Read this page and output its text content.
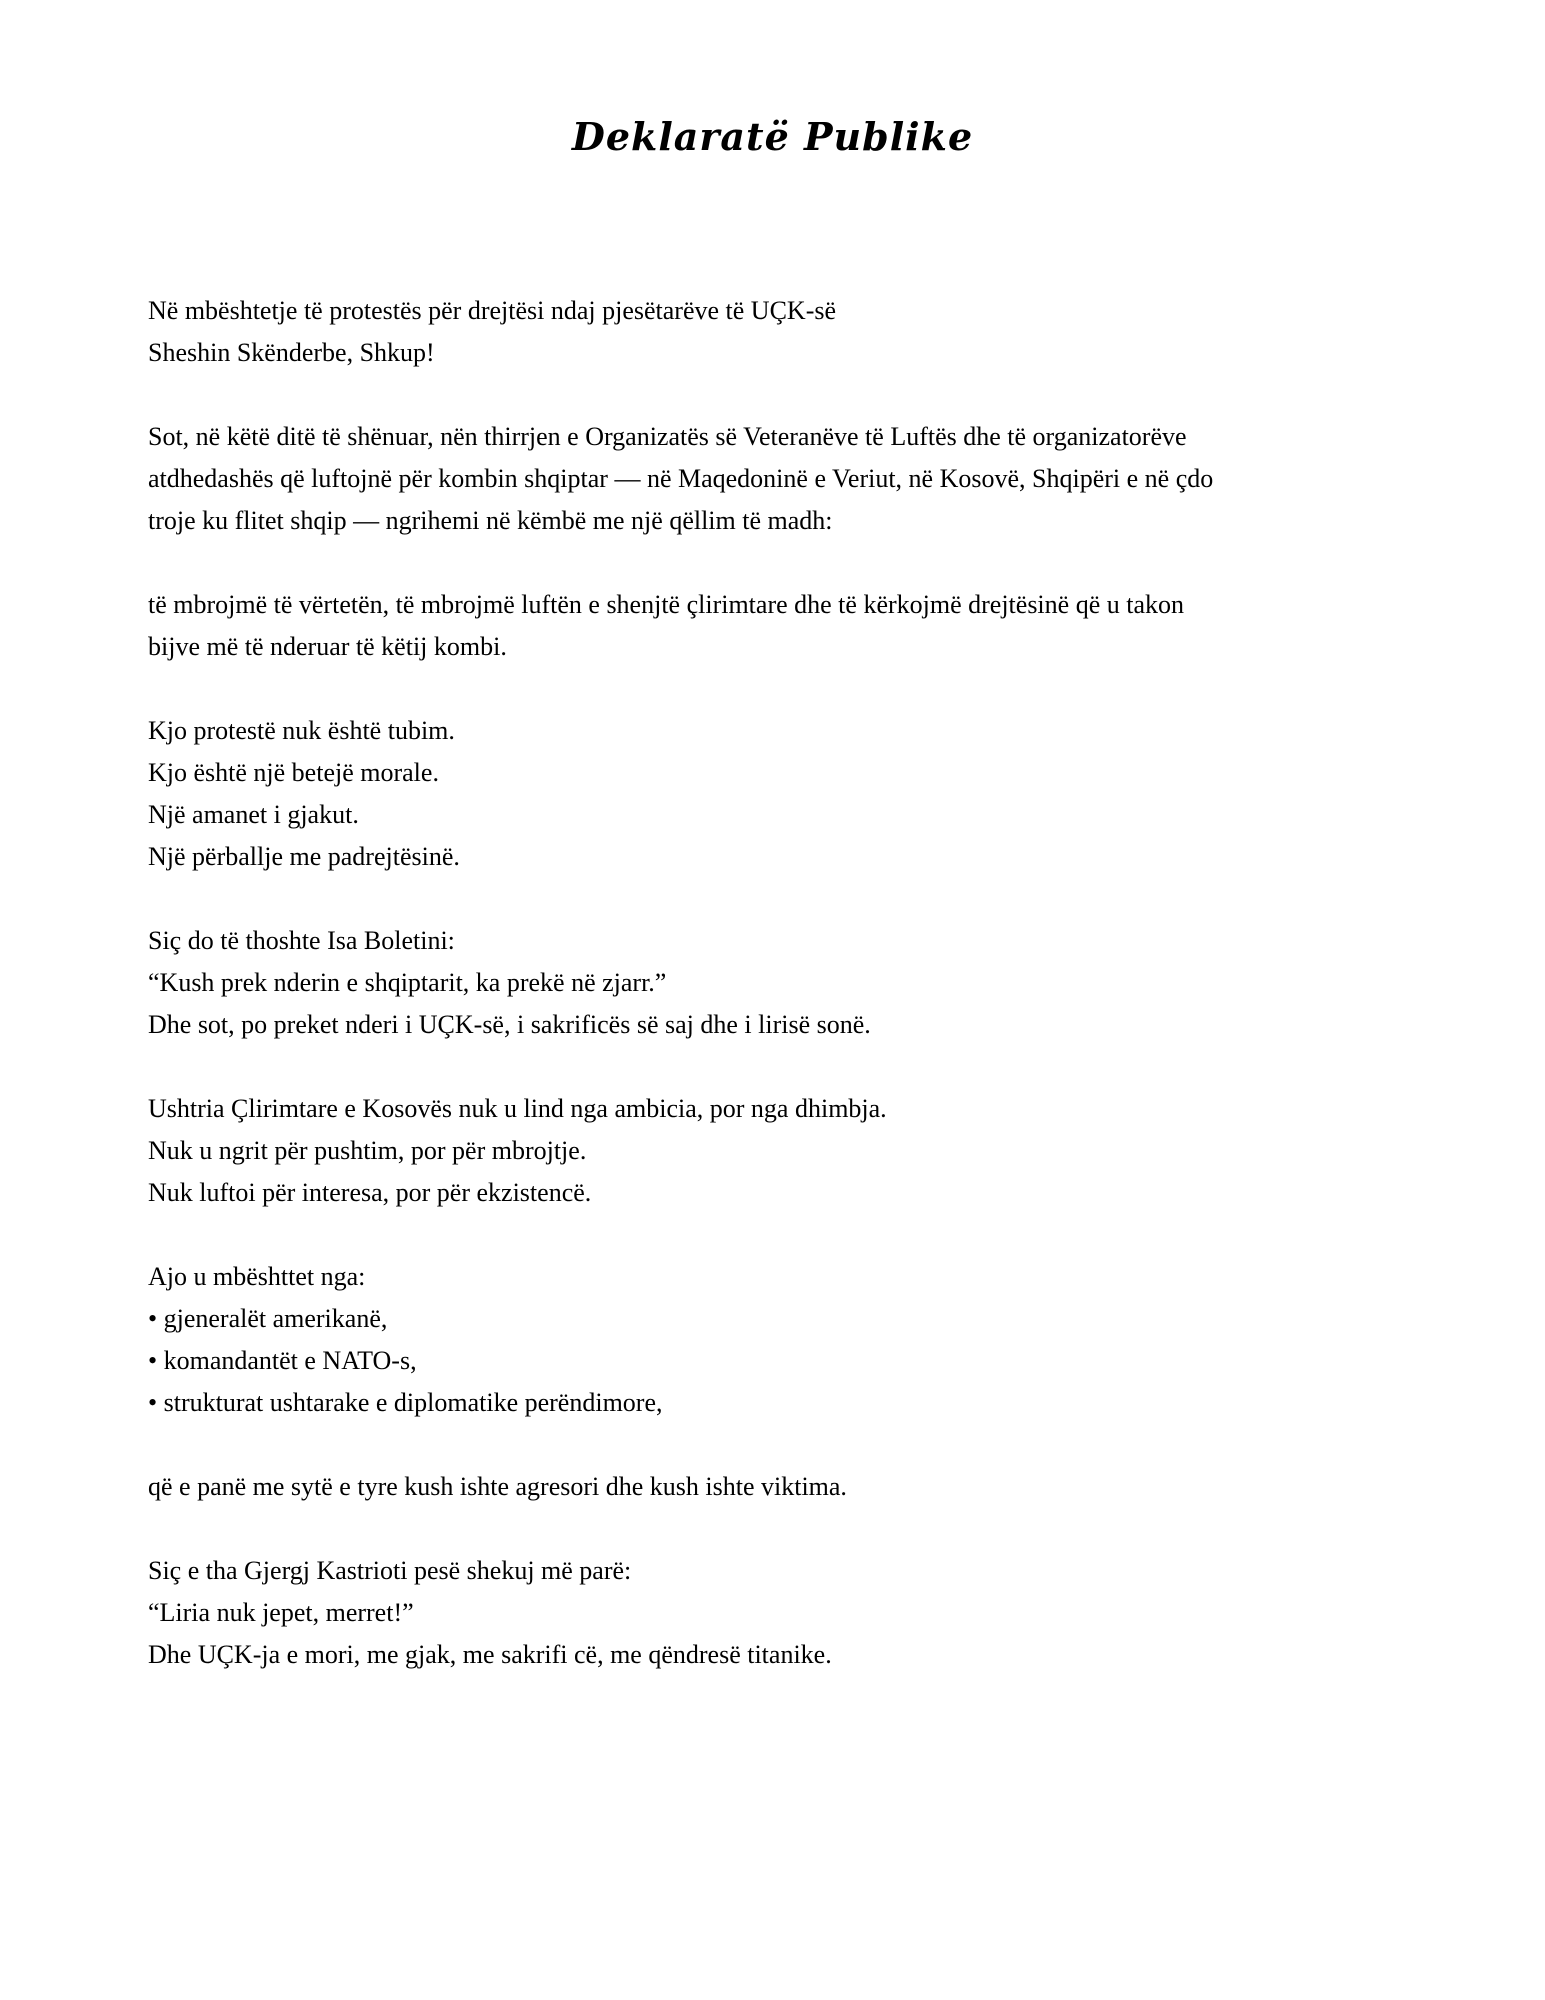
Deklaratë Publike

Në mbështetje të protestës për drejtësi ndaj pjesëtarëve të UÇK-së
Sheshin Skënderbe, Shkup!

Sot, në këtë ditë të shënuar, nën thirrjen e Organizatës së Veteranëve të Luftës dhe të organizatorëve
atdhedashës që luftojnë për kombin shqiptar — në Maqedoninë e Veriut, në Kosovë, Shqipëri e në çdo
troje ku flitet shqip — ngrihemi në këmbë me një qëllim të madh:

të mbrojmë të vërtetën, të mbrojmë luftën e shenjtë çlirimtare dhe të kërkojmë drejtësinë që u takon
bijve më të nderuar të këtij kombi.

Kjo protestë nuk është tubim.
Kjo është një betejë morale.
Një amanet i gjakut.
Një përballje me padrejtësinë.

Siç do të thoshte Isa Boletini:
“Kush prek nderin e shqiptarit, ka prekë në zjarr.”
Dhe sot, po preket nderi i UÇK-së, i sakrificës së saj dhe i lirisë sonë.

Ushtria Çlirimtare e Kosovës nuk u lind nga ambicia, por nga dhimbja.
Nuk u ngrit për pushtim, por për mbrojtje.
Nuk luftoi për interesa, por për ekzistencë.

Ajo u mbështtet nga:
• gjeneralët amerikanë,
• komandantët e NATO-s,
• strukturat ushtarake e diplomatike perëndimore,

që e panë me sytë e tyre kush ishte agresori dhe kush ishte viktima.

Siç e tha Gjergj Kastrioti pesë shekuj më parë:
“Liria nuk jepet, merret!”
Dhe UÇK-ja e mori, me gjak, me sakrifi cë, me qëndresë titanike.
